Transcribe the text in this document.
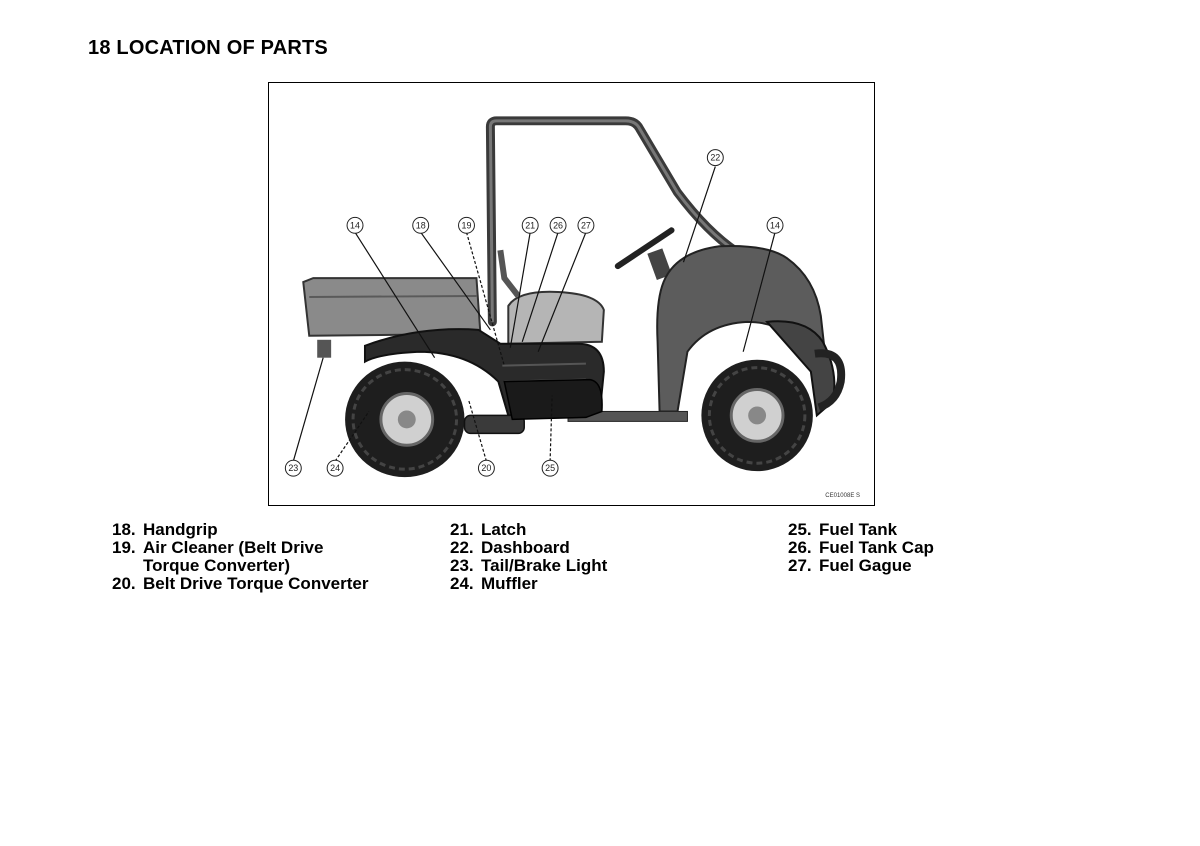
18 LOCATION OF PARTS
14	18	19	21 26 27
22
14
23	24	20	25
CE01008E S
18. Handgrip
19. Air Cleaner (Belt Drive
Torque Converter)
20. Belt Drive Torque Converter
21. Latch
22. Dashboard
23. Tail/Brake Light
24. Muffler
25. Fuel Tank
26. Fuel Tank Cap
27. Fuel Gague
